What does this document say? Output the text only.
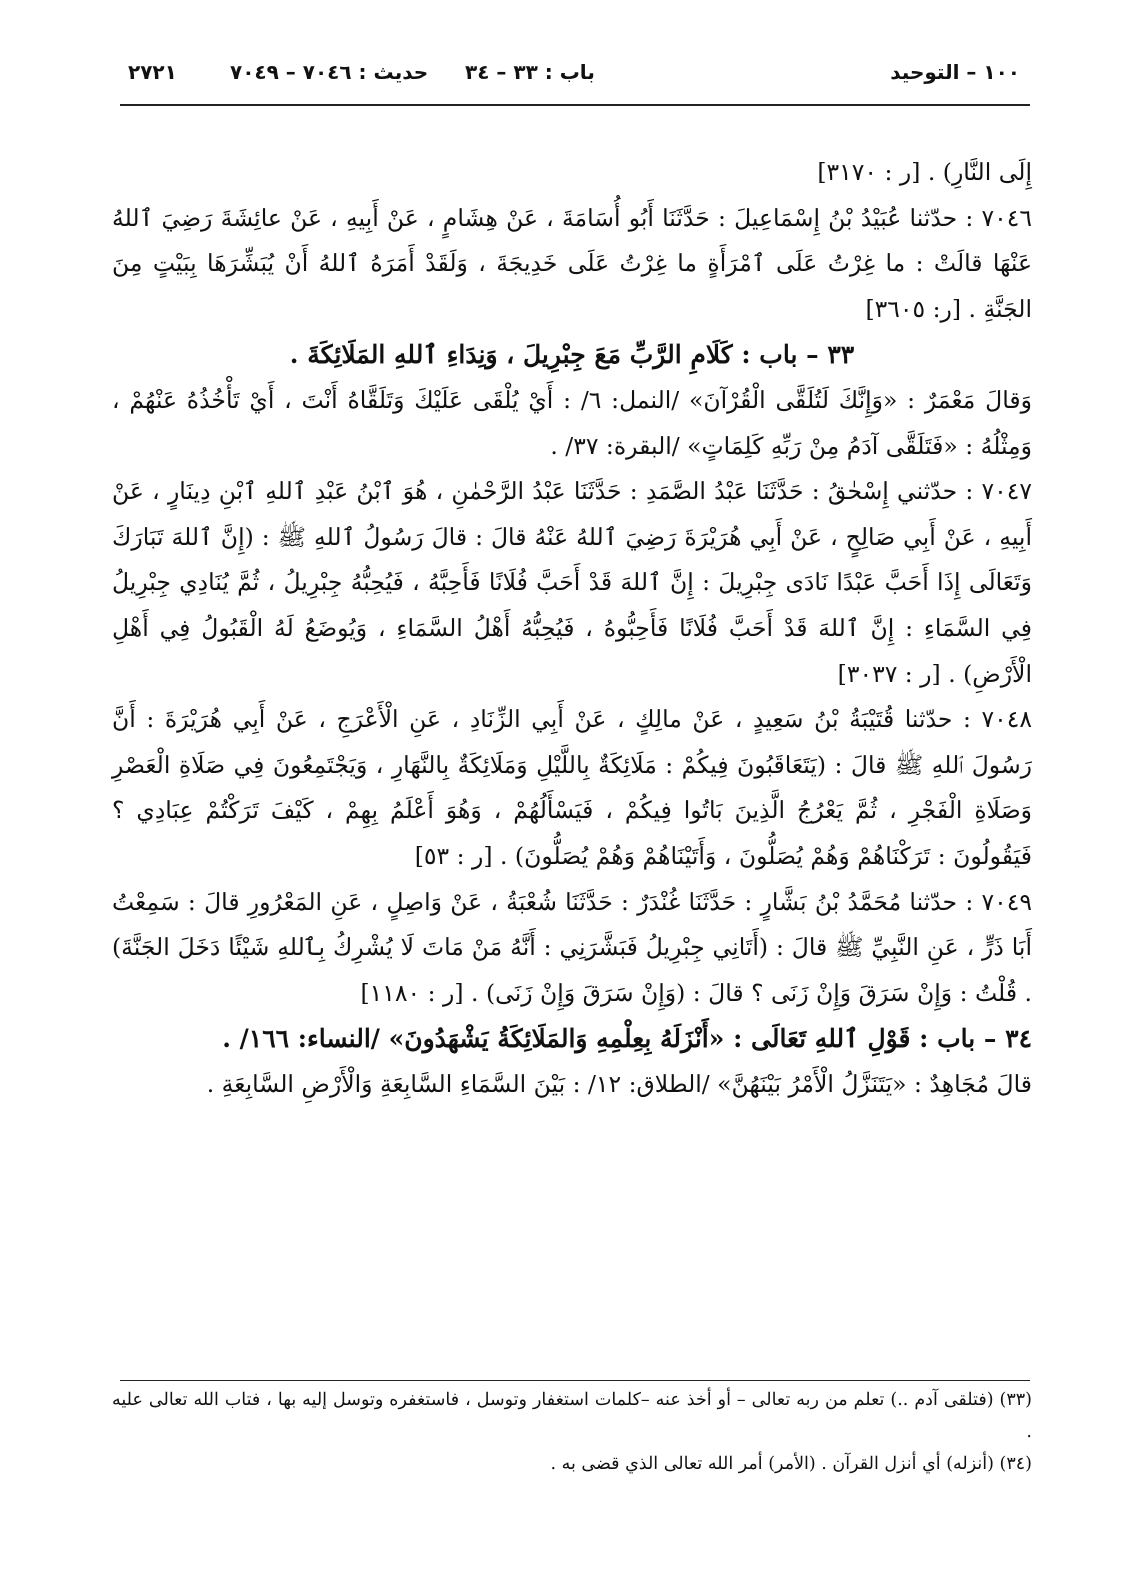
٢٧٢١	حديث : ٧٠٤٦ – ٧٠٤٩ باب : ٣٣ – ٣٤	١٠٠ – التوحيد

إِلَى النَّارِ) . [ر : ٣١٧٠]

٧٠٤٦ : حدّثنا عُبَيْدُ بْنُ إِسْمَاعِيلَ : حَدَّثَنَا أَبُو أُسَامَةَ ، عَنْ هِشَامٍ ، عَنْ أَبِيهِ ، عَنْ عائِشَةَ رَضِيَ ٱللهُ عَنْهَا قالَتْ : ما غِرْتُ عَلَى ٱمْرَأَةٍ ما غِرْتُ عَلَى خَدِيجَةَ ، وَلَقَدْ أَمَرَهُ ٱللهُ أَنْ يُبَشِّرَهَا بِبَيْتٍ مِنَ الجَنَّةِ . [ر: ٣٦٠٥]

٣٣ – باب : كَلَامِ الرَّبِّ مَعَ جِبْرِيلَ ، وَنِدَاءِ ٱللهِ المَلَائِكَةَ .

وَقالَ مَعْمَرٌ : «وَإِنَّكَ لَتُلَقَّى الْقُرْآنَ» /النمل: ٦/ : أَيْ يُلْقَى عَلَيْكَ وَتَلَقَّاهُ أَنْتَ ، أَيْ تَأْخُذُهُ عَنْهُمْ ، وَمِثْلُهُ : «فَتَلَقَّى آدَمُ مِنْ رَبِّهِ كَلِمَاتٍ» /البقرة: ٣٧/ .

٧٠٤٧ : حدّثني إِسْحٰقُ : حَدَّثَنَا عَبْدُ الصَّمَدِ : حَدَّثَنَا عَبْدُ الرَّحْمٰنِ ، هُوَ ٱبْنُ عَبْدِ ٱللهِ ٱبْنِ دِينَارٍ ، عَنْ أَبِيهِ ، عَنْ أَبِي صَالِحٍ ، عَنْ أَبِي هُرَيْرَةَ رَضِيَ ٱللهُ عَنْهُ قالَ : قالَ رَسُولُ ٱللهِ ﷺ : (إِنَّ ٱللهَ تَبَارَكَ وَتَعَالَى إِذَا أَحَبَّ عَبْدًا نَادَى جِبْرِيلَ : إِنَّ ٱللهَ قَدْ أَحَبَّ فُلَانًا فَأَحِبَّهُ ، فَيُحِبُّهُ جِبْرِيلُ ، ثُمَّ يُنَادِي جِبْرِيلُ فِي السَّمَاءِ : إِنَّ ٱللهَ قَدْ أَحَبَّ فُلَانًا فَأَحِبُّوهُ ، فَيُحِبُّهُ أَهْلُ السَّمَاءِ ، وَيُوضَعُ لَهُ الْقَبُولُ فِي أَهْلِ الْأَرْضِ) . [ر : ٣٠٣٧]

٧٠٤٨ : حدّثنا قُتَيْبَةُ بْنُ سَعِيدٍ ، عَنْ مالِكٍ ، عَنْ أَبِي الزِّنَادِ ، عَنِ الْأَعْرَجِ ، عَنْ أَبِي هُرَيْرَةَ : أَنَّ رَسُولَ ٱللهِ ﷺ قالَ : (يَتَعَاقَبُونَ فِيكُمْ : مَلَائِكَةٌ بِاللَّيْلِ وَمَلَائِكَةٌ بِالنَّهَارِ ، وَيَجْتَمِعُونَ فِي صَلَاةِ الْعَصْرِ وَصَلَاةِ الْفَجْرِ ، ثُمَّ يَعْرُجُ الَّذِينَ بَاتُوا فِيكُمْ ، فَيَسْأَلُهُمْ ، وَهُوَ أَعْلَمُ بِهِمْ ، كَيْفَ تَرَكْتُمْ عِبَادِي ؟ فَيَقُولُونَ : تَرَكْنَاهُمْ وَهُمْ يُصَلُّونَ ، وَأَتَيْنَاهُمْ وَهُمْ يُصَلُّونَ) . [ر : ٥٣]

٧٠٤٩ : حدّثنا مُحَمَّدُ بْنُ بَشَّارٍ : حَدَّثَنَا غُنْدَرٌ : حَدَّثَنَا شُعْبَةُ ، عَنْ وَاصِلٍ ، عَنِ المَعْرُورِ قالَ : سَمِعْتُ أَبَا ذَرٍّ ، عَنِ النَّبِيِّ ﷺ قالَ : (أَتَانِي جِبْرِيلُ فَبَشَّرَنِي : أَنَّهُ مَنْ مَاتَ لَا يُشْرِكُ بِٱللهِ شَيْئًا دَخَلَ الجَنَّةَ) . قُلْتُ : وَإِنْ سَرَقَ وَإِنْ زَنَى ؟ قالَ : (وَإِنْ سَرَقَ وَإِنْ زَنَى) . [ر : ١١٨٠]

٣٤ – باب : قَوْلِ ٱللهِ تَعَالَى : «أَنْزَلَهُ بِعِلْمِهِ وَالمَلَائِكَةُ يَشْهَدُونَ» /النساء: ١٦٦/ .

قالَ مُجَاهِدٌ : «يَتَنَزَّلُ الْأَمْرُ بَيْنَهُنَّ» /الطلاق: ١٢/ : بَيْنَ السَّمَاءِ السَّابِعَةِ وَالْأَرْضِ السَّابِعَةِ .

(٣٣) (فتلقى آدم ..) تعلم من ربه تعالى – أو أخذ عنه –كلمات استغفار وتوسل ، فاستغفره وتوسل إليه بها ، فتاب الله تعالى عليه .

(٣٤) (أنزله) أي أنزل القرآن . (الأمر) أمر الله تعالى الذي قضى به .
